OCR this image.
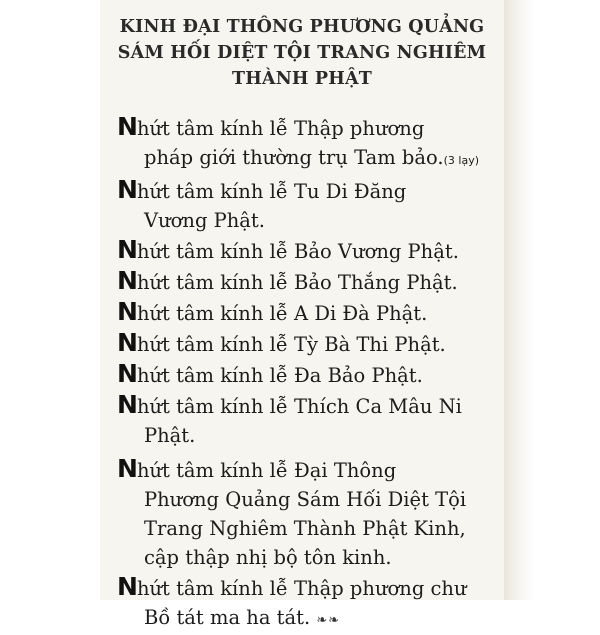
KINH ĐẠI THÔNG PHƯƠNG QUẢNG
SÁM HỐI DIỆT TỘI TRANG NGHIÊM
THÀNH PHẬT

Nhứt tâm kính lễ Thập phương
pháp giới thường trụ Tam bảo.(3 lạy)

Nhứt tâm kính lễ Tu Di Đăng
Vương Phật.

Nhứt tâm kính lễ Bảo Vương Phật.

Nhứt tâm kính lễ Bảo Thắng Phật.

Nhứt tâm kính lễ A Di Đà Phật.

Nhứt tâm kính lễ Tỳ Bà Thi Phật.

Nhứt tâm kính lễ Đa Bảo Phật.

Nhứt tâm kính lễ Thích Ca Mâu Ni
Phật.

Nhứt tâm kính lễ Đại Thông
Phương Quảng Sám Hối Diệt Tội
Trang Nghiêm Thành Phật Kinh,
cập thập nhị bộ tôn kinh.

Nhứt tâm kính lễ Thập phương chư
Bồ tát ma ha tát. ❧❧
